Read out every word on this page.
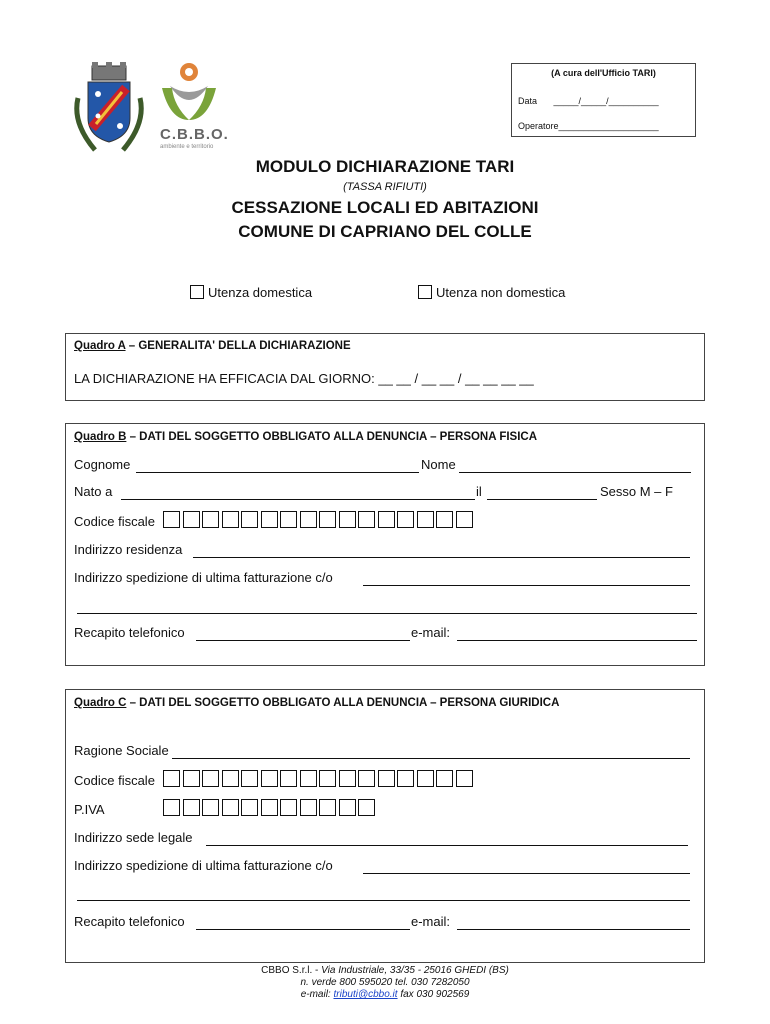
C.B.B.O.
ambiente e territorio
(A cura dell'Ufficio TARI)
Data _____/_____/__________
Operatore____________________
MODULO DICHIARAZIONE TARI
(TASSA RIFIUTI)
CESSAZIONE LOCALI ED ABITAZIONI
COMUNE DI CAPRIANO DEL COLLE
Utenza domestica	Utenza non domestica
Quadro A – GENERALITA' DELLA DICHIARAZIONE
LA DICHIARAZIONE HA EFFICACIA DAL GIORNO: __ __ / __ __ / __ __ __ __
Quadro B – DATI DEL SOGGETTO OBBLIGATO ALLA DENUNCIA – PERSONA FISICA
Cognome	Nome
Nato a	il	Sesso M – F
Codice fiscale
Indirizzo residenza
Indirizzo spedizione di ultima fatturazione c/o
Recapito telefonico	e-mail:
Quadro C – DATI DEL SOGGETTO OBBLIGATO ALLA DENUNCIA – PERSONA GIURIDICA
Ragione Sociale
Codice fiscale
P.IVA
Indirizzo sede legale
Indirizzo spedizione di ultima fatturazione c/o
Recapito telefonico	e-mail:
CBBO S.r.l. - Via Industriale, 33/35 - 25016 GHEDI (BS)
n. verde 800 595020 tel. 030 7282050
e-mail: tributi@cbbo.it fax 030 902569
